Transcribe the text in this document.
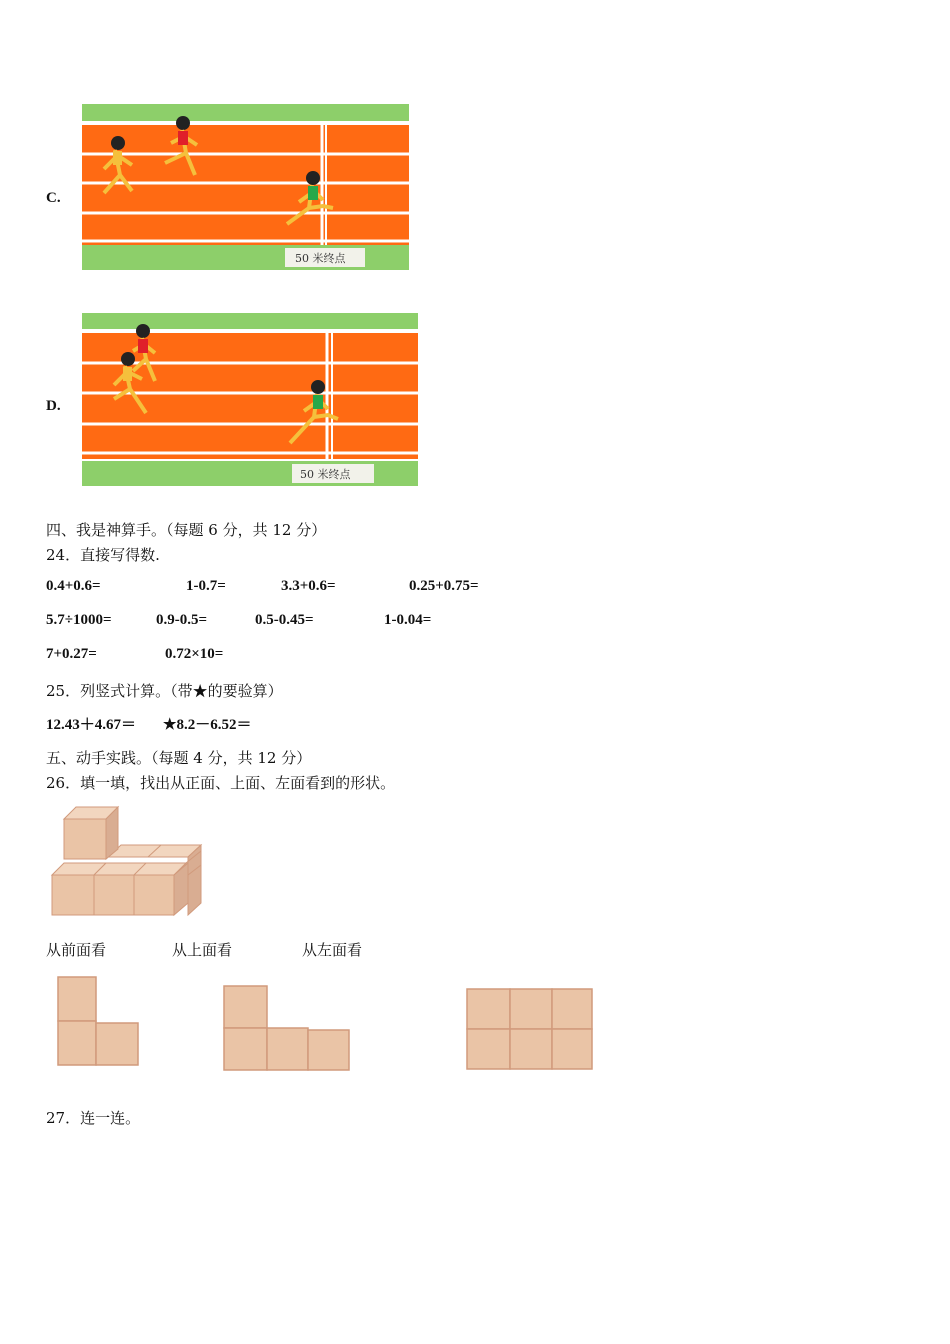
C.
50 米终点
D.
50 米终点
四、我是神算手。（每题 6 分，共 12 分）
24．直接写得数.
0.4+0.6=	1-0.7=	3.3+0.6=	0.25+0.75=
5.7÷1000=	0.9-0.5=	0.5-0.45=	1-0.04=
7+0.27=	0.72×10=
25．列竖式计算。（带★的要验算）
12.43＋4.67＝ ★8.2－6.52＝
五、动手实践。（每题 4 分，共 12 分）
26．填一填，找出从正面、上面、左面看到的形状。
从前面看	从上面看	从左面看
27．连一连。
